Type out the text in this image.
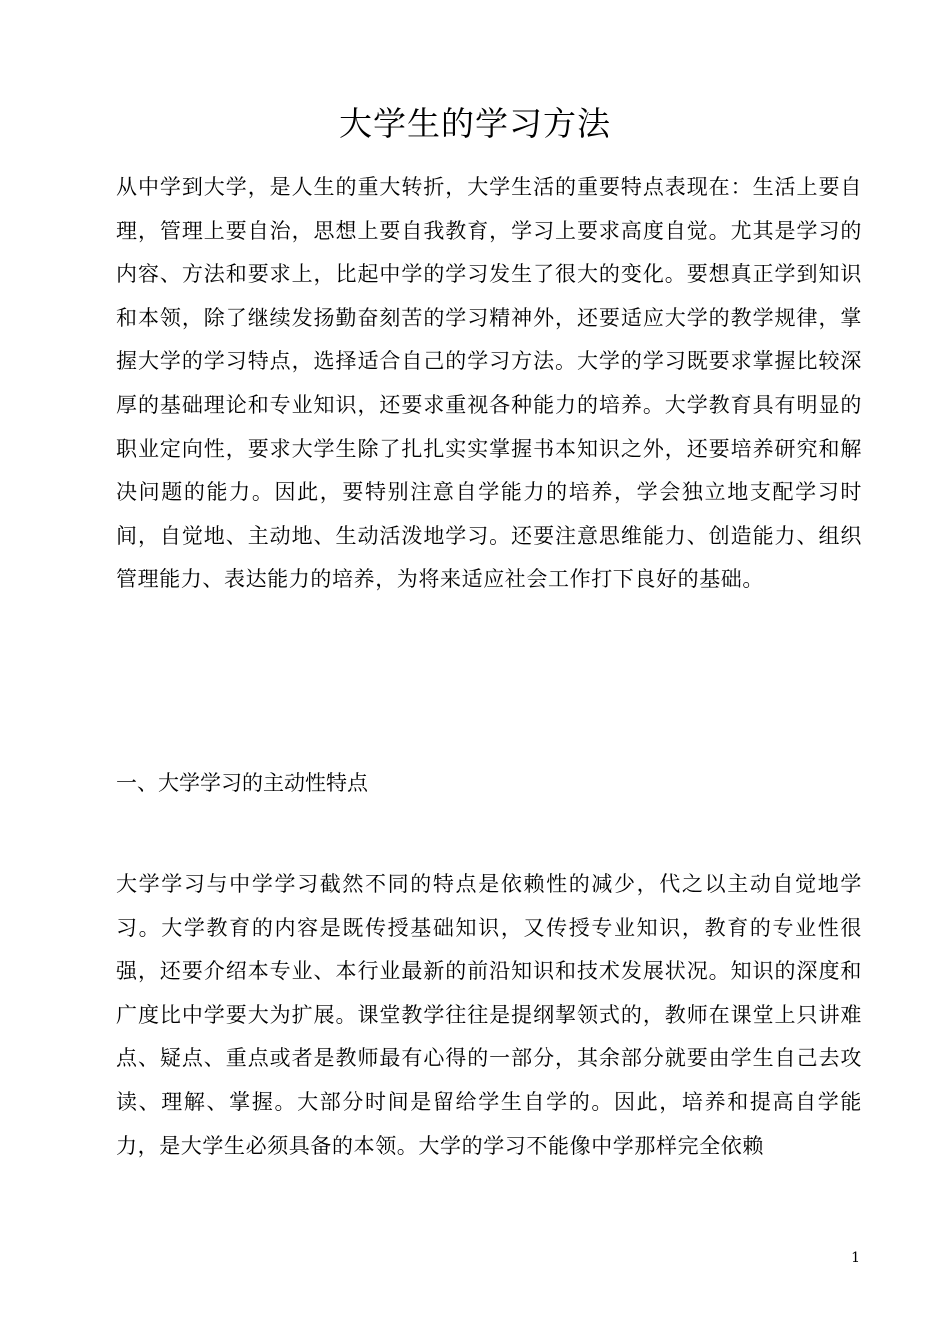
大学生的学习方法

从中学到大学，是人生的重大转折，大学生活的重要特点表现在：生活上要自理，管理上要自治，思想上要自我教育，学习上要求高度自觉。尤其是学习的内容、方法和要求上，比起中学的学习发生了很大的变化。要想真正学到知识和本领，除了继续发扬勤奋刻苦的学习精神外，还要适应大学的教学规律，掌握大学的学习特点，选择适合自己的学习方法。大学的学习既要求掌握比较深厚的基础理论和专业知识，还要求重视各种能力的培养。大学教育具有明显的职业定向性，要求大学生除了扎扎实实掌握书本知识之外，还要培养研究和解决问题的能力。因此，要特别注意自学能力的培养，学会独立地支配学习时间，自觉地、主动地、生动活泼地学习。还要注意思维能力、创造能力、组织管理能力、表达能力的培养，为将来适应社会工作打下良好的基础。

一、大学学习的主动性特点

大学学习与中学学习截然不同的特点是依赖性的减少，代之以主动自觉地学习。大学教育的内容是既传授基础知识，又传授专业知识，教育的专业性很强，还要介绍本专业、本行业最新的前沿知识和技术发展状况。知识的深度和广度比中学要大为扩展。课堂教学往往是提纲挈领式的，教师在课堂上只讲难点、疑点、重点或者是教师最有心得的一部分，其余部分就要由学生自己去攻读、理解、掌握。大部分时间是留给学生自学的。因此，培养和提高自学能力，是大学生必须具备的本领。大学的学习不能像中学那样完全依赖

1
